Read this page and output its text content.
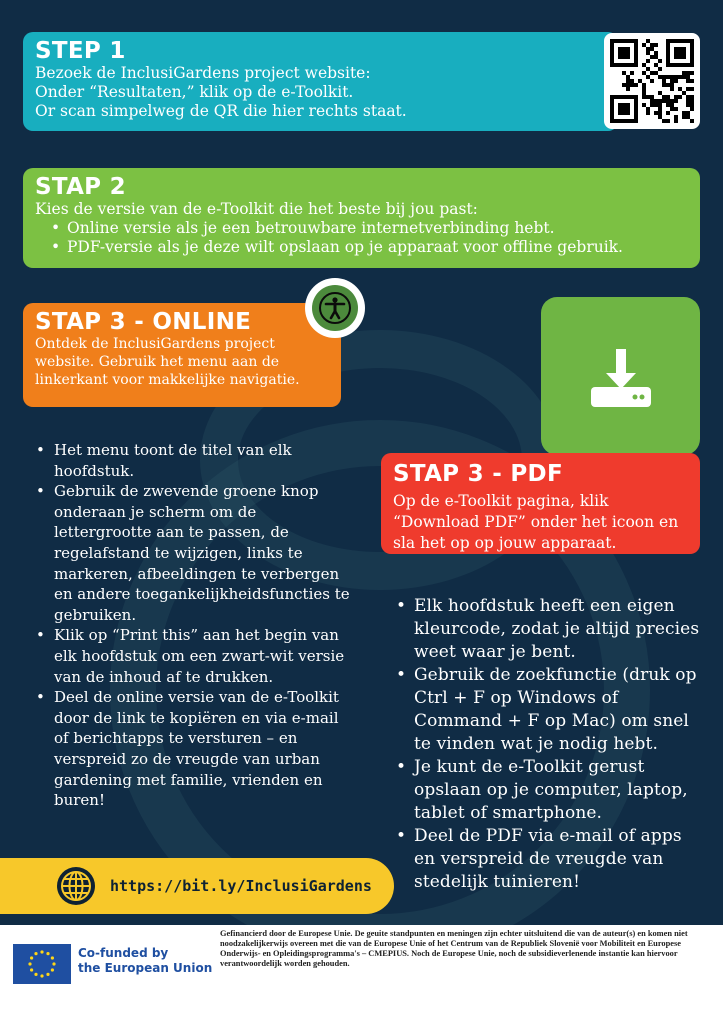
STEP 1

Bezoek de InclusiGardens project website:

Onder “Resultaten,” klik op de e-Toolkit.

Or scan simpelweg de QR die hier rechts staat.

STAP 2

Kies de versie van de e-Toolkit die het beste bij jou past:

• Online versie als je een betrouwbare internetverbinding hebt.
• PDF-versie als je deze wilt opslaan op je apparaat voor offline gebruik.
STAP 3 - ONLINE

Ontdek de InclusiGardens project website. Gebruik het menu aan de linkerkant voor makkelijke navigatie.

• Het menu toont de titel van elk hoofdstuk.
• Gebruik de zwevende groene knop onderaan je scherm om de lettergrootte aan te passen, de regelafstand te wijzigen, links te markeren, afbeeldingen te verbergen en andere toegankelijkheidsfuncties te gebruiken.
• Klik op “Print this” aan het begin van elk hoofdstuk om een zwart-wit versie van de inhoud af te drukken.
• Deel de online versie van de e-Toolkit door de link te kopiëren en via e-mail of berichtapps te versturen – en verspreid zo de vreugde van urban gardening met familie, vrienden en buren!
STAP 3 - PDF

Op de e-Toolkit pagina, klik “Download PDF” onder het icoon en sla het op op jouw apparaat.

• Elk hoofdstuk heeft een eigen kleurcode, zodat je altijd precies weet waar je bent.
• Gebruik de zoekfunctie (druk op Ctrl + F op Windows of Command + F op Mac) om snel te vinden wat je nodig hebt.
• Je kunt de e-Toolkit gerust opslaan op je computer, laptop, tablet of smartphone.
• Deel de PDF via e-mail of apps en verspreid de vreugde van stedelijk tuinieren!
https://bit.ly/InclusiGardens
Co-funded by
the European Union
Gefinancierd door de Europese Unie. De geuite standpunten en meningen zijn echter uitsluitend die van de auteur(s) en komen niet noodzakelijkerwijs overeen met die van de Europese Unie of het Centrum van de Republiek Slovenië voor Mobiliteit en Europese Onderwijs- en Opleidingsprogramma's – CMEPIUS. Noch de Europese Unie, noch de subsidieverlenende instantie kan hiervoor verantwoordelijk worden gehouden.
